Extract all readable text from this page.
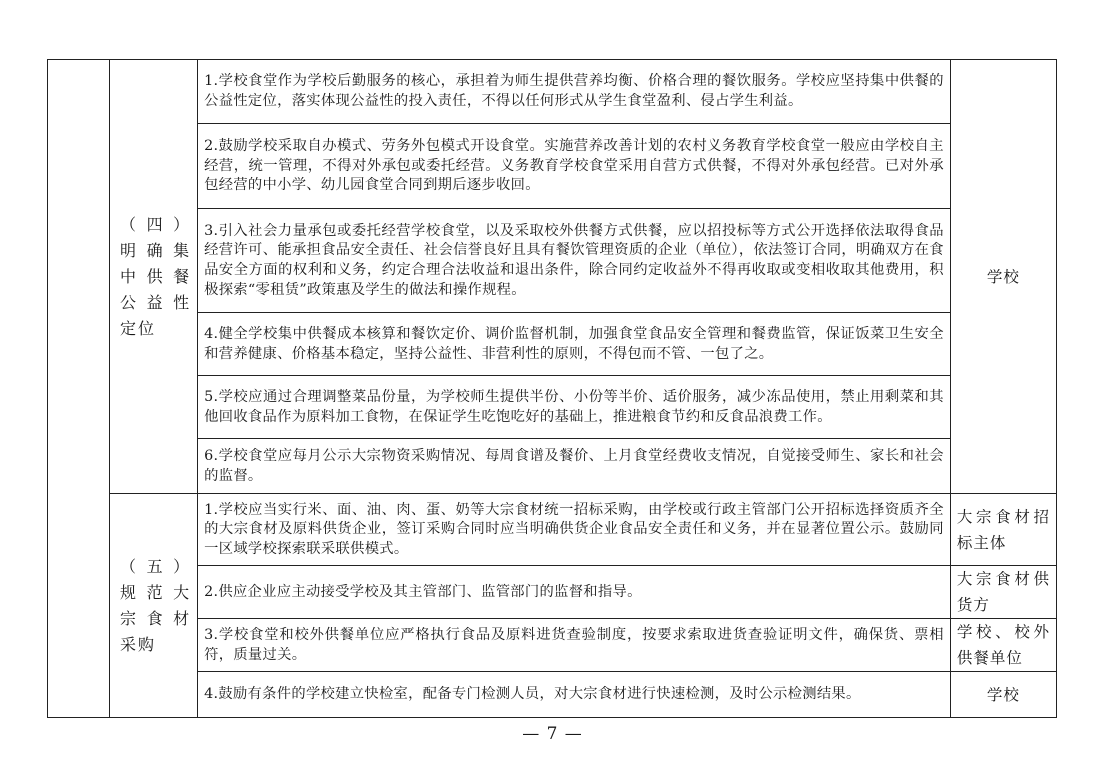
	（四）明确集中供餐公益性定位	1.学校食堂作为学校后勤服务的核心，承担着为师生提供营养均衡、价格合理的餐饮服务。学校应坚持集中供餐的公益性定位，落实体现公益性的投入责任，不得以任何形式从学生食堂盈利、侵占学生利益。	学校

		2.鼓励学校采取自办模式、劳务外包模式开设食堂。实施营养改善计划的农村义务教育学校食堂一般应由学校自主经营，统一管理，不得对外承包或委托经营。义务教育学校食堂采用自营方式供餐，不得对外承包经营。已对外承包经营的中小学、幼儿园食堂合同到期后逐步收回。	

		3.引入社会力量承包或委托经营学校食堂，以及采取校外供餐方式供餐，应以招投标等方式公开选择依法取得食品经营许可、能承担食品安全责任、社会信誉良好且具有餐饮管理资质的企业（单位），依法签订合同，明确双方在食品安全方面的权利和义务，约定合理合法收益和退出条件，除合同约定收益外不得再收取或变相收取其他费用，积极探索“零租赁”政策惠及学生的做法和操作规程。	

		4.健全学校集中供餐成本核算和餐饮定价、调价监督机制，加强食堂食品安全管理和餐费监管，保证饭菜卫生安全和营养健康、价格基本稳定，坚持公益性、非营利性的原则，不得包而不管、一包了之。	

		5.学校应通过合理调整菜品份量，为学校师生提供半份、小份等半价、适价服务，减少冻品使用，禁止用剩菜和其他回收食品作为原料加工食物，在保证学生吃饱吃好的基础上，推进粮食节约和反食品浪费工作。	

		6.学校食堂应每月公示大宗物资采购情况、每周食谱及餐价、上月食堂经费收支情况，自觉接受师生、家长和社会的监督。	

	（五）规范大宗食材采购	1.学校应当实行米、面、油、肉、蛋、奶等大宗食材统一招标采购，由学校或行政主管部门公开招标选择资质齐全的大宗食材及原料供货企业，签订采购合同时应当明确供货企业食品安全责任和义务，并在显著位置公示。鼓励同一区域学校探索联采联供模式。	大宗食材招标主体

		2.供应企业应主动接受学校及其主管部门、监管部门的监督和指导。	大宗食材供货方

		3.学校食堂和校外供餐单位应严格执行食品及原料进货查验制度，按要求索取进货查验证明文件，确保货、票相符，质量过关。	学校、校外供餐单位

		4.鼓励有条件的学校建立快检室，配备专门检测人员，对大宗食材进行快速检测，及时公示检测结果。	学校
— 7 —
